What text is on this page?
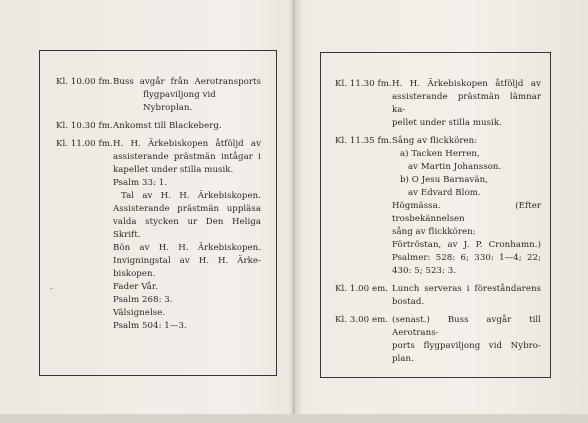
-
Kl. 10.00 fm. Buss avgår från Aerotransports
flygpaviljong vid Nybroplan.
Kl. 10.30 fm. Ankomst till Blackeberg.
Kl. 11.00 fm. H. H. Ärkebiskopen åtföljd av
assisterande prästmän intågar i
kapellet under stilla musik.
Psalm 33: 1.
Tal av H. H. Ärkebiskopen.
Assisterande prästmän uppläsa
valda stycken ur Den Heliga
Skrift.
Bön av H. H. Ärkebiskopen.
Invigningstal av H. H. Ärke-
biskopen.
Fader Vår.
Psalm 268: 3.
Välsignelse.
Psalm 504: 1—3.
Kl. 11.30 fm. H. H. Ärkebiskopen åtföljd av
assisterande prästmän lämnar ka-
pellet under stilla musik.
Kl. 11.35 fm. Sång av flickkören:
a) Tacken Herren,
av Martin Johansson.
b) O Jesu Barnavän,
av Edvard Blom.
Högmässa. (Efter trosbekännelsen
sång av flickkören:
Förtröstan, av J. P. Cronhamn.)
Psalmer: 528: 6; 330: 1—4; 22;
430: 5; 523: 3.
Kl. 1.00 em. Lunch serveras i föreståndarens
bostad.
Kl. 3.00 em. (senast.) Buss avgår till Aerotrans-
ports flygpaviljong vid Nybro-
plan.
